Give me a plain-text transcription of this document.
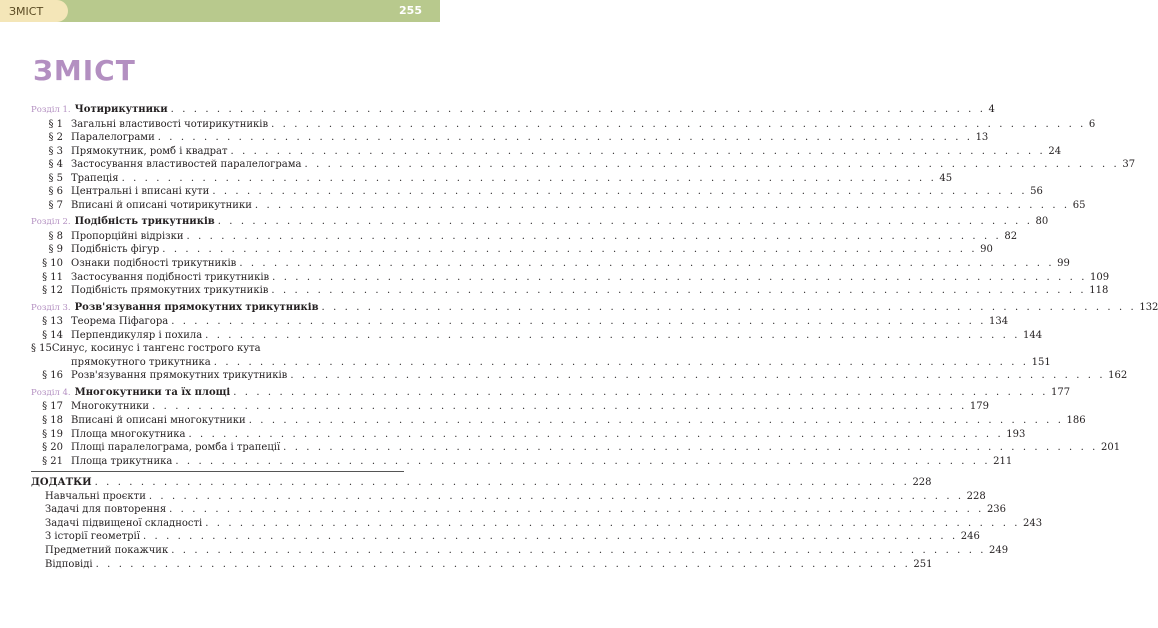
ЗМІСТ	255
ЗМІСТ
Розділ 1. Чотирикутники . . . . . . . . . . . . . . . . . . . . . . . . . . . . . . . . . . . . . . . . . . . . . . . . . . . . . . . . . . . . . . . . . . . . . . . 4
§ 1 Загальні властивості чотирикутників . . . . . . . . . . . . . . . . . . . . . . . . . . . . . . . . . . . . . . . . . . . . . . . . . . . . . . . . . . . . . . . . . . . . . . . 6
§ 2 Паралелограми . . . . . . . . . . . . . . . . . . . . . . . . . . . . . . . . . . . . . . . . . . . . . . . . . . . . . . . . . . . . . . . . . . . . . . . 13
§ 3 Прямокутник, ромб і квадрат . . . . . . . . . . . . . . . . . . . . . . . . . . . . . . . . . . . . . . . . . . . . . . . . . . . . . . . . . . . . . . . . . . . . . . . 24
§ 4 Застосування властивостей паралелограма . . . . . . . . . . . . . . . . . . . . . . . . . . . . . . . . . . . . . . . . . . . . . . . . . . . . . . . . . . . . . . . . . . . . . . . 37
§ 5 Трапеція . . . . . . . . . . . . . . . . . . . . . . . . . . . . . . . . . . . . . . . . . . . . . . . . . . . . . . . . . . . . . . . . . . . . . . . 45
§ 6 Центральні і вписані кути . . . . . . . . . . . . . . . . . . . . . . . . . . . . . . . . . . . . . . . . . . . . . . . . . . . . . . . . . . . . . . . . . . . . . . . 56
§ 7 Вписані й описані чотирикутники . . . . . . . . . . . . . . . . . . . . . . . . . . . . . . . . . . . . . . . . . . . . . . . . . . . . . . . . . . . . . . . . . . . . . . . 65
Розділ 2. Подібність трикутників . . . . . . . . . . . . . . . . . . . . . . . . . . . . . . . . . . . . . . . . . . . . . . . . . . . . . . . . . . . . . . . . . . . . . . . 80
§ 8 Пропорційні відрізки . . . . . . . . . . . . . . . . . . . . . . . . . . . . . . . . . . . . . . . . . . . . . . . . . . . . . . . . . . . . . . . . . . . . . . . 82
§ 9 Подібність фігур . . . . . . . . . . . . . . . . . . . . . . . . . . . . . . . . . . . . . . . . . . . . . . . . . . . . . . . . . . . . . . . . . . . . . . . 90
§ 10 Ознаки подібності трикутників . . . . . . . . . . . . . . . . . . . . . . . . . . . . . . . . . . . . . . . . . . . . . . . . . . . . . . . . . . . . . . . . . . . . . . . 99
§ 11 Застосування подібності трикутників . . . . . . . . . . . . . . . . . . . . . . . . . . . . . . . . . . . . . . . . . . . . . . . . . . . . . . . . . . . . . . . . . . . . . . . 109
§ 12 Подібність прямокутних трикутників . . . . . . . . . . . . . . . . . . . . . . . . . . . . . . . . . . . . . . . . . . . . . . . . . . . . . . . . . . . . . . . . . . . . . . . 118
Розділ 3. Розв'язування прямокутних трикутників . . . . . . . . . . . . . . . . . . . . . . . . . . . . . . . . . . . . . . . . . . . . . . . . . . . . . . . . . . . . . . . . . . . . . . . 132
§ 13 Теорема Піфагора . . . . . . . . . . . . . . . . . . . . . . . . . . . . . . . . . . . . . . . . . . . . . . . . . . . . . . . . . . . . . . . . . . . . . . . 134
§ 14 Перпендикуляр і похила . . . . . . . . . . . . . . . . . . . . . . . . . . . . . . . . . . . . . . . . . . . . . . . . . . . . . . . . . . . . . . . . . . . . . . . 144
§ 15 Синус, косинус і тангенс гострого кута
прямокутного трикутника . . . . . . . . . . . . . . . . . . . . . . . . . . . . . . . . . . . . . . . . . . . . . . . . . . . . . . . . . . . . . . . . . . . . . . . 151
§ 16 Розв'язування прямокутних трикутників . . . . . . . . . . . . . . . . . . . . . . . . . . . . . . . . . . . . . . . . . . . . . . . . . . . . . . . . . . . . . . . . . . . . . . . 162
Розділ 4. Многокутники та їх площі . . . . . . . . . . . . . . . . . . . . . . . . . . . . . . . . . . . . . . . . . . . . . . . . . . . . . . . . . . . . . . . . . . . . . . . 177
§ 17 Многокутники . . . . . . . . . . . . . . . . . . . . . . . . . . . . . . . . . . . . . . . . . . . . . . . . . . . . . . . . . . . . . . . . . . . . . . . 179
§ 18 Вписані й описані многокутники . . . . . . . . . . . . . . . . . . . . . . . . . . . . . . . . . . . . . . . . . . . . . . . . . . . . . . . . . . . . . . . . . . . . . . . 186
§ 19 Площа многокутника . . . . . . . . . . . . . . . . . . . . . . . . . . . . . . . . . . . . . . . . . . . . . . . . . . . . . . . . . . . . . . . . . . . . . . . 193
§ 20 Площі паралелограма, ромба і трапеції . . . . . . . . . . . . . . . . . . . . . . . . . . . . . . . . . . . . . . . . . . . . . . . . . . . . . . . . . . . . . . . . . . . . . . . 201
§ 21 Площа трикутника . . . . . . . . . . . . . . . . . . . . . . . . . . . . . . . . . . . . . . . . . . . . . . . . . . . . . . . . . . . . . . . . . . . . . . . 211
ДОДАТКИ . . . . . . . . . . . . . . . . . . . . . . . . . . . . . . . . . . . . . . . . . . . . . . . . . . . . . . . . . . . . . . . . . . . . . . . 228
Навчальні проєкти . . . . . . . . . . . . . . . . . . . . . . . . . . . . . . . . . . . . . . . . . . . . . . . . . . . . . . . . . . . . . . . . . . . . . . . 228
Задачі для повторення . . . . . . . . . . . . . . . . . . . . . . . . . . . . . . . . . . . . . . . . . . . . . . . . . . . . . . . . . . . . . . . . . . . . . . . 236
Задачі підвищеної складності . . . . . . . . . . . . . . . . . . . . . . . . . . . . . . . . . . . . . . . . . . . . . . . . . . . . . . . . . . . . . . . . . . . . . . . 243
З історії геометрії . . . . . . . . . . . . . . . . . . . . . . . . . . . . . . . . . . . . . . . . . . . . . . . . . . . . . . . . . . . . . . . . . . . . . . . 246
Предметний покажчик . . . . . . . . . . . . . . . . . . . . . . . . . . . . . . . . . . . . . . . . . . . . . . . . . . . . . . . . . . . . . . . . . . . . . . . 249
Відповіді . . . . . . . . . . . . . . . . . . . . . . . . . . . . . . . . . . . . . . . . . . . . . . . . . . . . . . . . . . . . . . . . . . . . . . . 251
